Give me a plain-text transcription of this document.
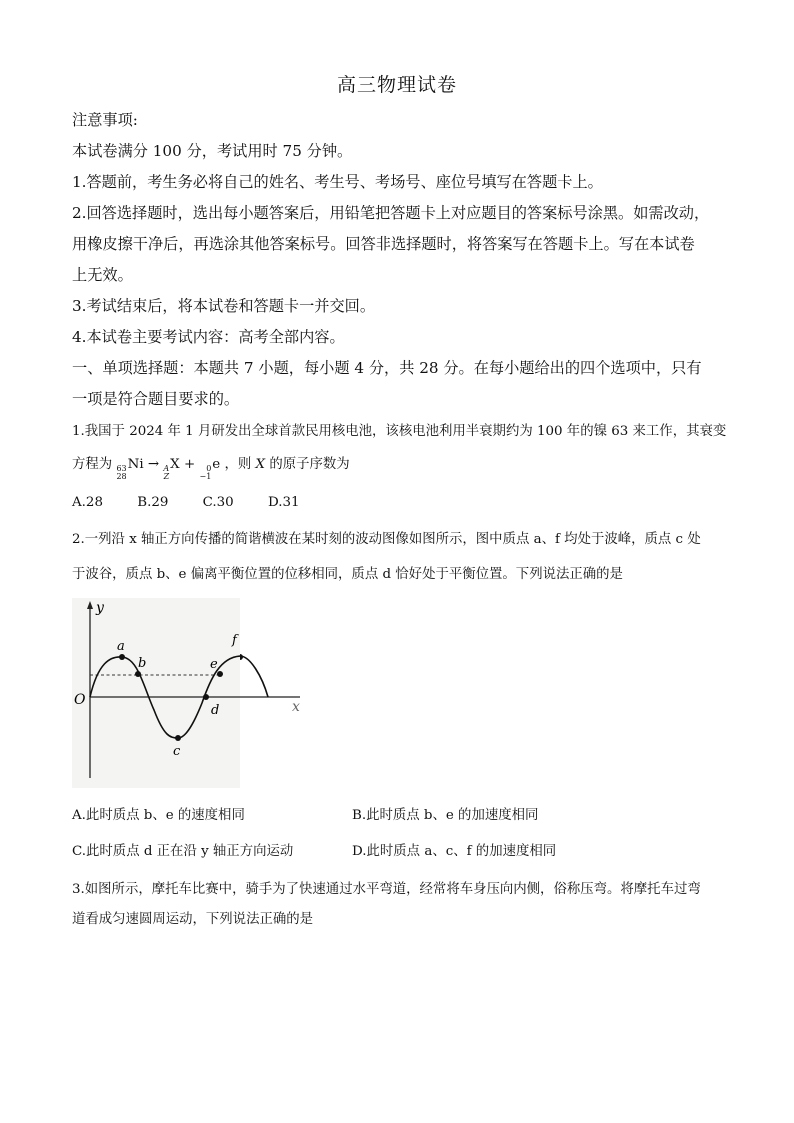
高三物理试卷
注意事项:
本试卷满分 100 分，考试用时 75 分钟。
1.答题前，考生务必将自己的姓名、考生号、考场号、座位号填写在答题卡上。
2.回答选择题时，选出每小题答案后，用铅笔把答题卡上对应题目的答案标号涂黑。如需改动，
用橡皮擦干净后，再选涂其他答案标号。回答非选择题时，将答案写在答题卡上。写在本试卷
上无效。
3.考试结束后，将本试卷和答题卡一并交回。
4.本试卷主要考试内容：高考全部内容。
一、单项选择题：本题共 7 小题，每小题 4 分，共 28 分。在每小题给出的四个选项中，只有
一项是符合题目要求的。
1.我国于 2024 年 1 月研发出全球首款民用核电池，该核电池利用半衰期约为 100 年的镍 63 来工作，其衰变
方程为 63
28
Ni → A
Z
X +	0
−1
e ，则 X 的原子序数为
A.28	B.29	C.30	D.31
2.一列沿 x 轴正方向传播的简谐横波在某时刻的波动图像如图所示，图中质点 a、f 均处于波峰，质点 c 处
于波谷，质点 b、e 偏离平衡位置的位移相同，质点 d 恰好处于平衡位置。下列说法正确的是
y
O
a
b
c
d
e
f
x
A.此时质点 b、e 的速度相同	B.此时质点 b、e 的加速度相同
C.此时质点 d 正在沿 y 轴正方向运动	D.此时质点 a、c、f 的加速度相同
3.如图所示，摩托车比赛中，骑手为了快速通过水平弯道，经常将车身压向内侧，俗称压弯。将摩托车过弯
道看成匀速圆周运动，下列说法正确的是
